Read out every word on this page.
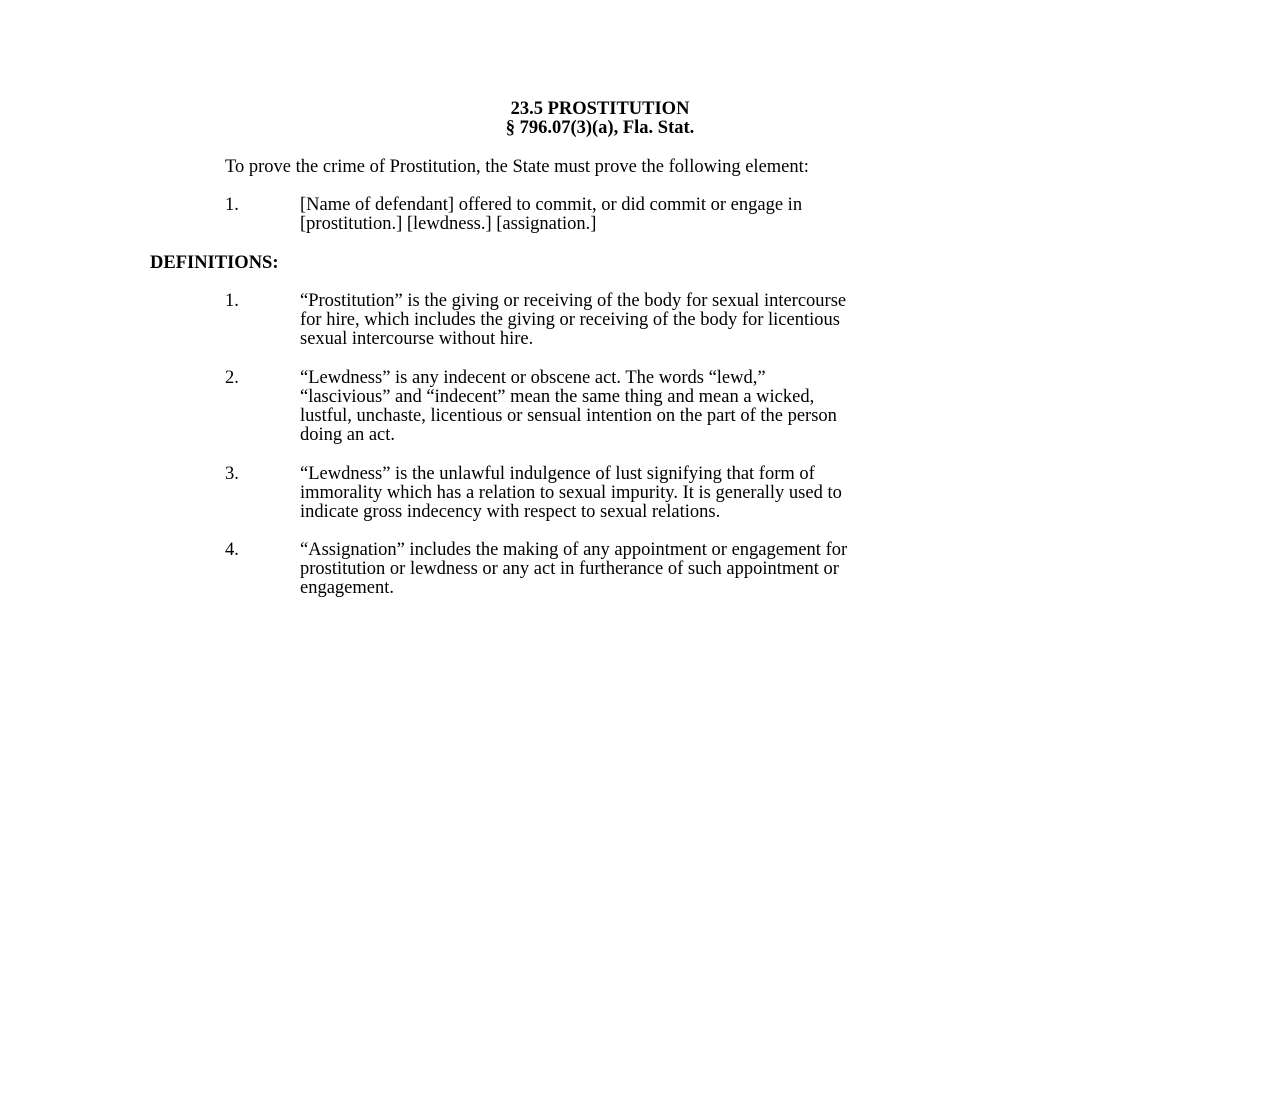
23.5 PROSTITUTION
§ 796.07(3)(a), Fla. Stat.
To prove the crime of Prostitution, the State must prove the following element:
1.	[Name of defendant] offered to commit, or did commit or engage in
[prostitution.] [lewdness.] [assignation.]
DEFINITIONS:
1.	“Prostitution” is the giving or receiving of the body for sexual intercourse
for hire, which includes the giving or receiving of the body for licentious
sexual intercourse without hire.
2.	“Lewdness” is any indecent or obscene act. The words “lewd,”
“lascivious” and “indecent” mean the same thing and mean a wicked,
lustful, unchaste, licentious or sensual intention on the part of the person
doing an act.
3.	“Lewdness” is the unlawful indulgence of lust signifying that form of
immorality which has a relation to sexual impurity. It is generally used to
indicate gross indecency with respect to sexual relations.
4.	“Assignation” includes the making of any appointment or engagement for
prostitution or lewdness or any act in furtherance of such appointment or
engagement.
